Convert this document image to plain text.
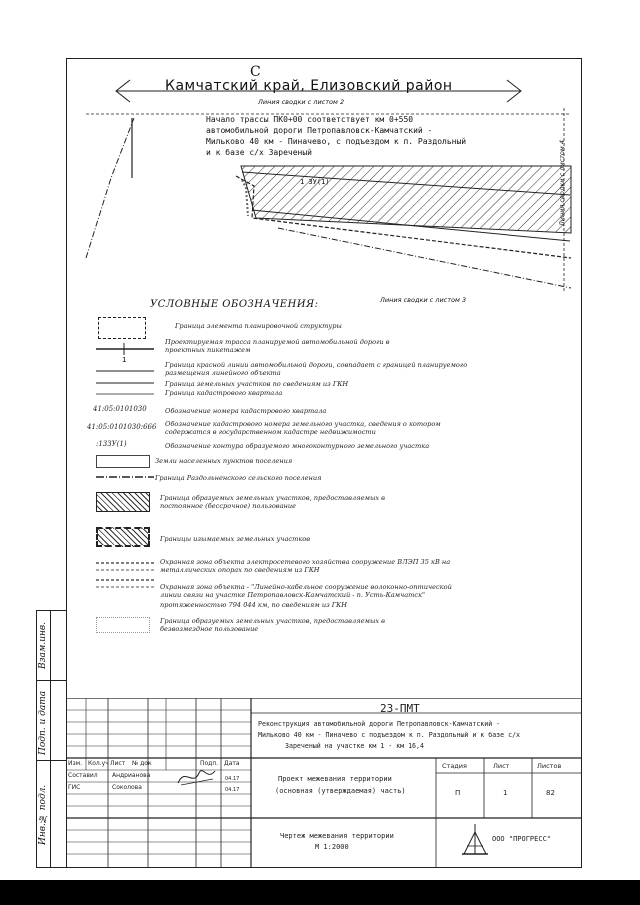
C
Камчатский край, Елизовский район
Линия сводки с листом 2
Линия сводки с листом 3
Линия сводки с листом 4
Начало трассы ПК0+00 соответствует км 0+550
автомобильной дороги Петропавловск-Камчатский -
Мильково 40 км - Пиначево, с подъездом к п. Раздольный
и к базе с/х Зареченый
1 ЗУ(1)
УСЛОВНЫЕ ОБОЗНАЧЕНИЯ:
1
Граница элемента планировочной структуры
Проектируемая трасса планируемой автомобильной дороги в
проектных пикетажем
Граница красной линии автомобильной дороги, совпадает с границей планируемого
размещения линейного объекта
Граница земельных участков по сведениям из ГКН
Граница кадастрового квартала
41:05:0101030	Обозначение номера кадастрового квартала
41:05:0101030:666 Обозначение кадастрового номера земельного участка, сведения о котором
содержатся в государственном кадастре недвижимости
:13ЗУ(1)	Обозначение контура образуемого многоконтурного земельного участка
Земли населенных пунктов поселения
Граница Раздольненского сельского поселения
Граница образуемых земельных участков, предоставляемых в
постоянное (бессрочное) пользование
Границы изымаемых земельных участков
Охранная зона объекта электросетевого хозяйства сооружение ВЛЭП 35 кВ на
металлических опорах по сведениям из ГКН
Охранная зона объекта - "Линейно-кабельное сооружение волоконно-оптической
линии связи на участке Петропавловск-Камчатский - п. Усть-Камчатск"
протяженностью 794 044 км, по сведениям из ГКН
Граница образуемых земельных участков, предоставляемых в
безвозмездное пользование
Взам.инв.
Подп. и дата
Инв.№ подл.
23-ПМТ
Реконструкция автомобильной дороги Петропавловск-Камчатский -
Мильково 40 км - Пиначево с подъездом к п. Раздольный и к базе с/х
Зареченый на участке км 1 - км 16,4
Изм. Кол.уч Лист № док	Подп. Дата
Составил Андрианова	04.17
ГИС	Соколова	04.17
Проект межевания территории
(основная (утверждаемая) часть)
Стадия	Лист	Листов
П	1	82
Чертеж межевания территории
М 1:2000
ООО "ПРОГРЕСС"
